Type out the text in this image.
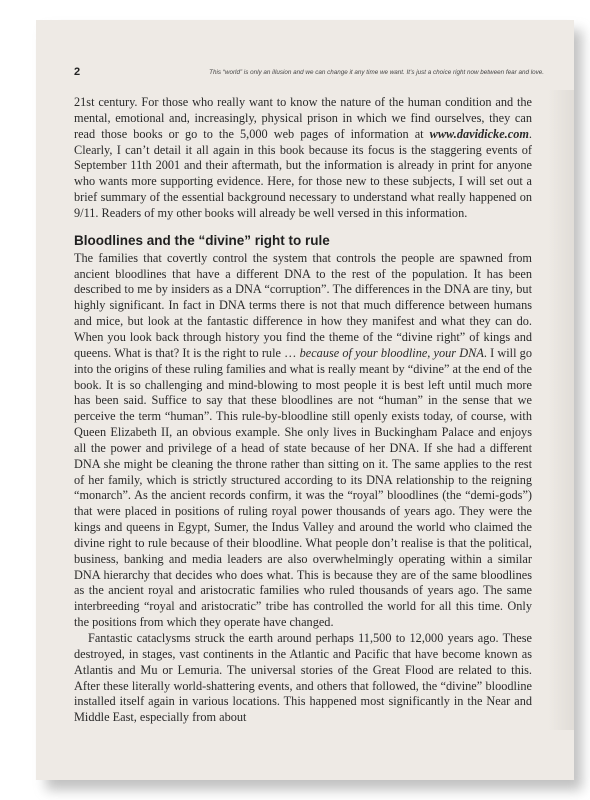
2	This “world” is only an illusion and we can change it any time we want. It’s just a choice right now between fear and love.

21st century. For those who really want to know the nature of the human condition and the mental, emotional and, increasingly, physical prison in which we find ourselves, they can read those books or go to the 5,000 web pages of information at www.davidicke.com. Clearly, I can’t detail it all again in this book because its focus is the staggering events of September 11th 2001 and their aftermath, but the information is already in print for anyone who wants more supporting evidence. Here, for those new to these subjects, I will set out a brief summary of the essential background necessary to understand what really happened on 9/11. Readers of my other books will already be well versed in this information.

Bloodlines and the “divine” right to rule

The families that covertly control the system that controls the people are spawned from ancient bloodlines that have a different DNA to the rest of the population. It has been described to me by insiders as a DNA “corruption”. The differences in the DNA are tiny, but highly significant. In fact in DNA terms there is not that much difference between humans and mice, but look at the fantastic difference in how they manifest and what they can do. When you look back through history you find the theme of the “divine right” of kings and queens. What is that? It is the right to rule … because of your bloodline, your DNA. I will go into the origins of these ruling families and what is really meant by “divine” at the end of the book. It is so challenging and mind-blowing to most people it is best left until much more has been said. Suffice to say that these bloodlines are not “human” in the sense that we perceive the term “human”. This rule-by-bloodline still openly exists today, of course, with Queen Elizabeth II, an obvious example. She only lives in Buckingham Palace and enjoys all the power and privilege of a head of state because of her DNA. If she had a different DNA she might be cleaning the throne rather than sitting on it. The same applies to the rest of her family, which is strictly structured according to its DNA relationship to the reigning “monarch”. As the ancient records confirm, it was the “royal” bloodlines (the “demi-gods”) that were placed in positions of ruling royal power thousands of years ago. They were the kings and queens in Egypt, Sumer, the Indus Valley and around the world who claimed the divine right to rule because of their bloodline. What people don’t realise is that the political, business, banking and media leaders are also overwhelmingly operating within a similar DNA hierarchy that decides who does what. This is because they are of the same bloodlines as the ancient royal and aristocratic families who ruled thousands of years ago. The same interbreeding “royal and aristocratic” tribe has controlled the world for all this time. Only the positions from which they operate have changed.

Fantastic cataclysms struck the earth around perhaps 11,500 to 12,000 years ago. These destroyed, in stages, vast continents in the Atlantic and Pacific that have become known as Atlantis and Mu or Lemuria. The universal stories of the Great Flood are related to this. After these literally world-shattering events, and others that followed, the “divine” bloodline installed itself again in various locations. This happened most significantly in the Near and Middle East, especially from about
